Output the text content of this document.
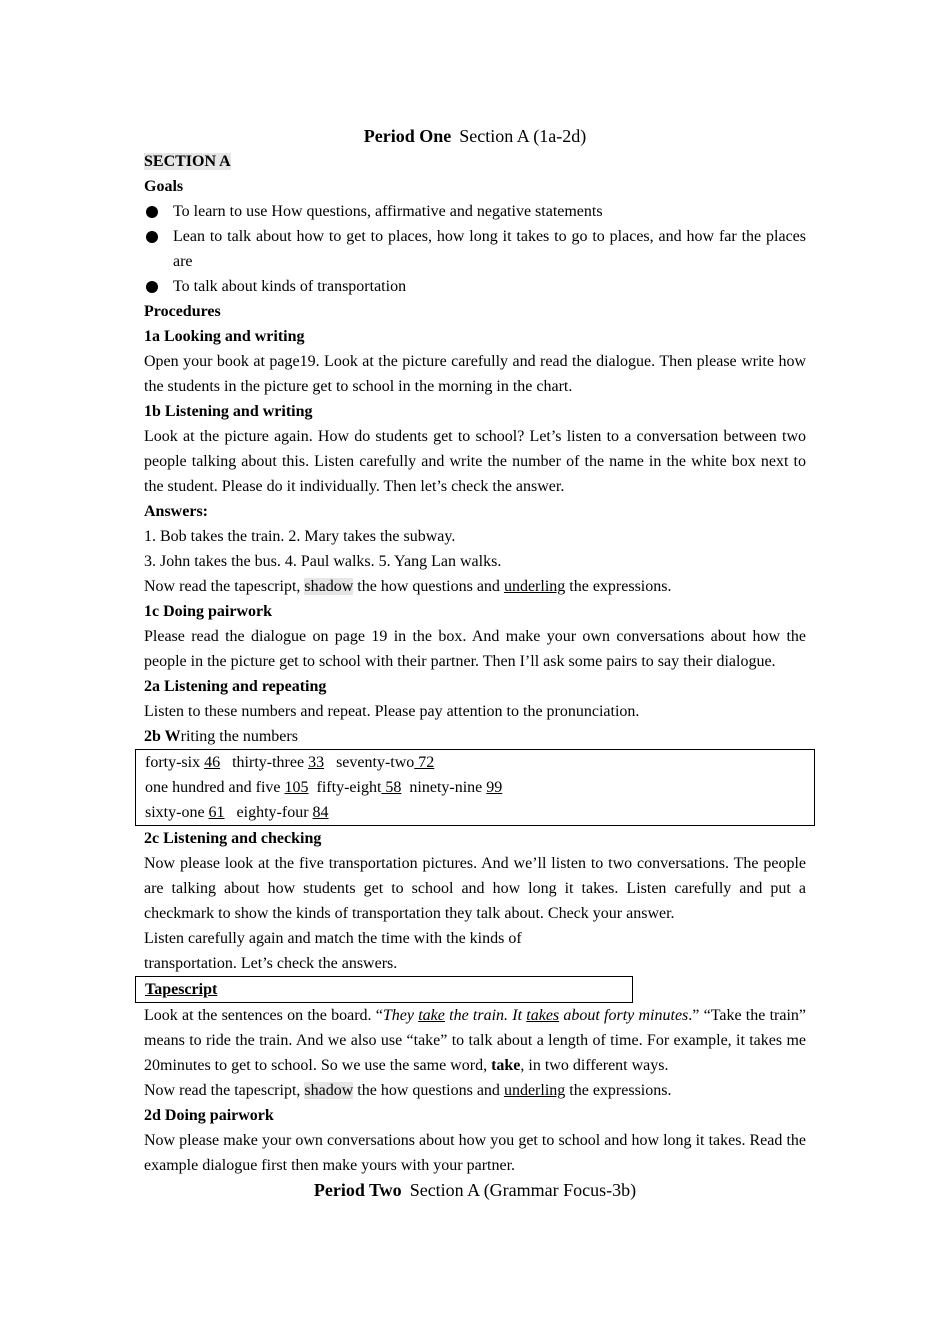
Period One Section A (1a-2d)
SECTION A
Goals
To learn to use How questions, affirmative and negative statements
Lean to talk about how to get to places, how long it takes to go to places, and how far the places are
To talk about kinds of transportation
Procedures
1a Looking and writing
Open your book at page19. Look at the picture carefully and read the dialogue. Then please write how the students in the picture get to school in the morning in the chart.
1b Listening and writing
Look at the picture again. How do students get to school? Let’s listen to a conversation between two people talking about this. Listen carefully and write the number of the name in the white box next to the student. Please do it individually. Then let’s check the answer.
Answers:
1. Bob takes the train. 2. Mary takes the subway.
3. John takes the bus. 4. Paul walks. 5. Yang Lan walks.
Now read the tapescript, shadow the how questions and underling the expressions.
1c Doing pairwork
Please read the dialogue on page 19 in the box. And make your own conversations about how the people in the picture get to school with their partner. Then I’ll ask some pairs to say their dialogue.
2a Listening and repeating
Listen to these numbers and repeat. Please pay attention to the pronunciation.
2b Writing the numbers
forty-six 46 thirty-three 33 seventy-two 72
one hundred and five 105 fifty-eight 58 ninety-nine 99
sixty-one 61 eighty-four 84
2c Listening and checking
Now please look at the five transportation pictures. And we’ll listen to two conversations. The people are talking about how students get to school and how long it takes. Listen carefully and put a checkmark to show the kinds of transportation they talk about. Check your answer.
Listen carefully again and match the time with the kinds of
transportation. Let’s check the answers.
Tapescript
Look at the sentences on the board. “They take the train. It takes about forty minutes.” “Take the train” means to ride the train. And we also use “take” to talk about a length of time. For example, it takes me 20minutes to get to school. So we use the same word, take, in two different ways.
Now read the tapescript, shadow the how questions and underling the expressions.
2d Doing pairwork
Now please make your own conversations about how you get to school and how long it takes. Read the example dialogue first then make yours with your partner.
Period Two Section A (Grammar Focus-3b)
